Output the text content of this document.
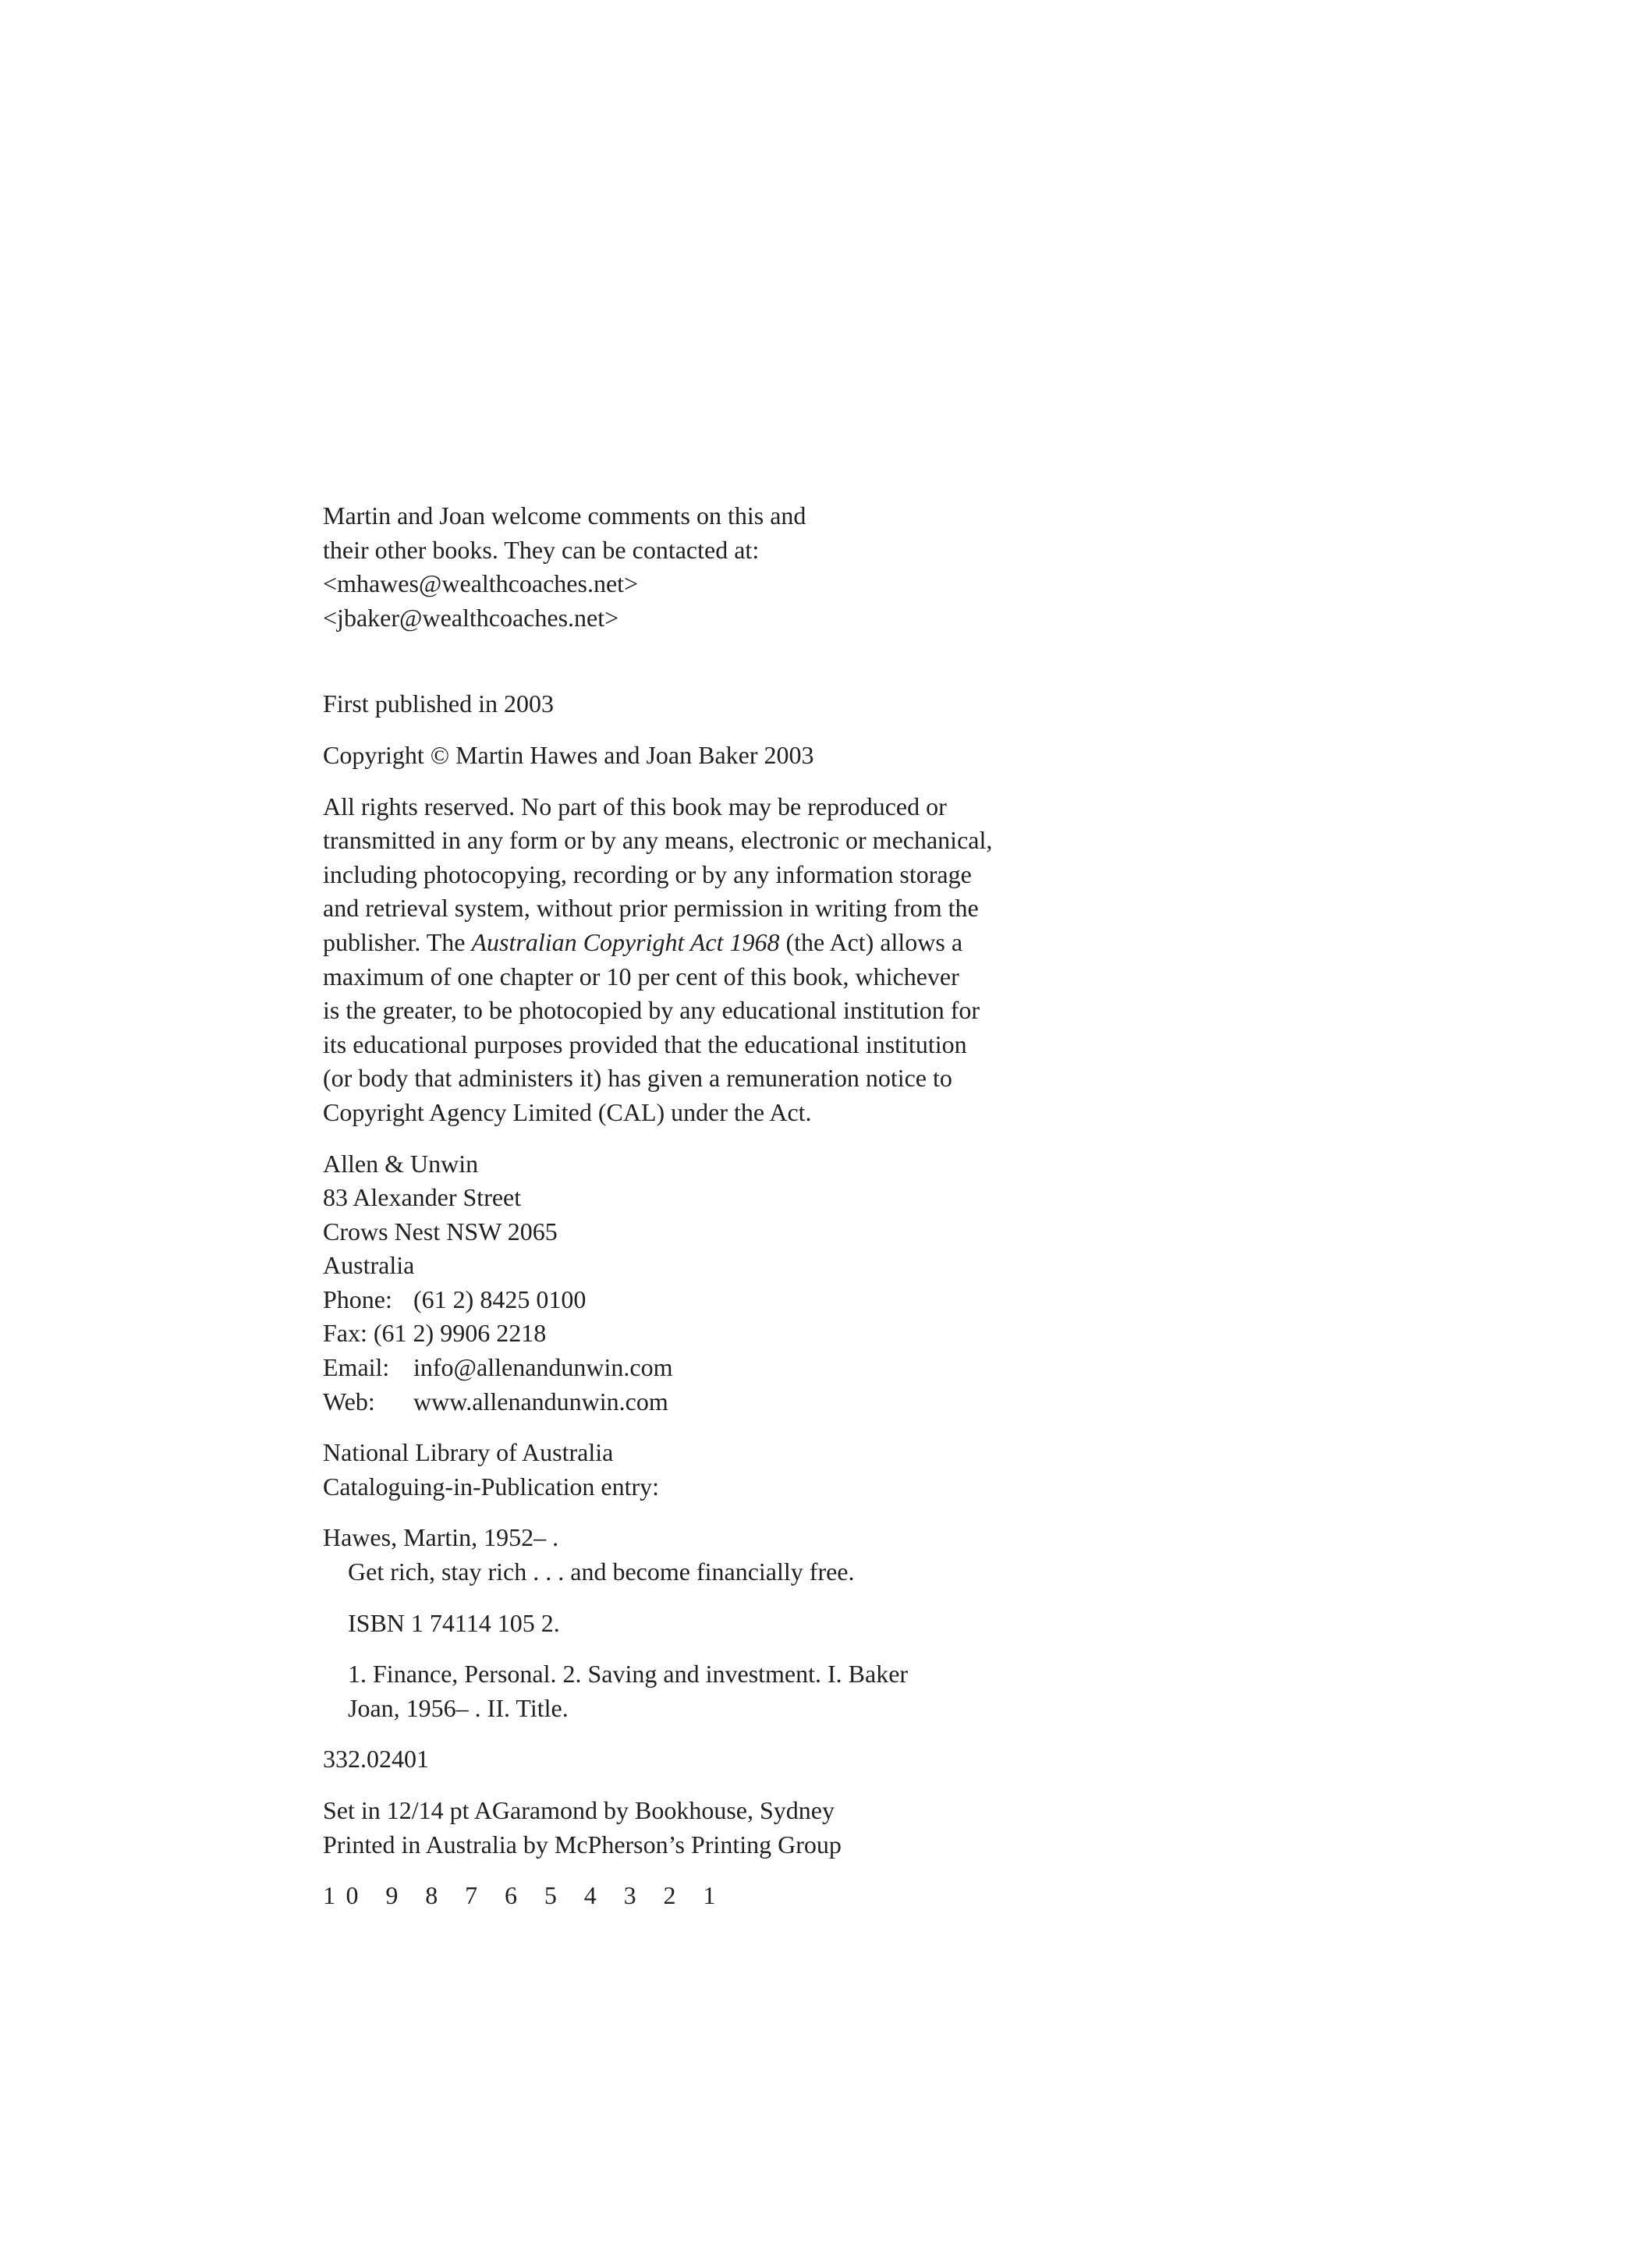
Martin and Joan welcome comments on this and
their other books. They can be contacted at:
<mhawes@wealthcoaches.net>
<jbaker@wealthcoaches.net>
First published in 2003
Copyright © Martin Hawes and Joan Baker 2003
All rights reserved. No part of this book may be reproduced or
transmitted in any form or by any means, electronic or mechanical,
including photocopying, recording or by any information storage
and retrieval system, without prior permission in writing from the
publisher. The Australian Copyright Act 1968 (the Act) allows a
maximum of one chapter or 10 per cent of this book, whichever
is the greater, to be photocopied by any educational institution for
its educational purposes provided that the educational institution
(or body that administers it) has given a remuneration notice to
Copyright Agency Limited (CAL) under the Act.
Allen & Unwin
83 Alexander Street
Crows Nest NSW 2065
Australia
Phone: (61 2) 8425 0100
Fax: (61 2) 9906 2218
Email: info@allenandunwin.com
Web: www.allenandunwin.com
National Library of Australia
Cataloguing-in-Publication entry:
Hawes, Martin, 1952– .
Get rich, stay rich . . . and become financially free.
ISBN 1 74114 105 2.
1. Finance, Personal. 2. Saving and investment. I. Baker
Joan, 1956– . II. Title.
332.02401
Set in 12/14 pt AGaramond by Bookhouse, Sydney
Printed in Australia by McPherson’s Printing Group
10 9 8 7 6 5 4 3 2 1
